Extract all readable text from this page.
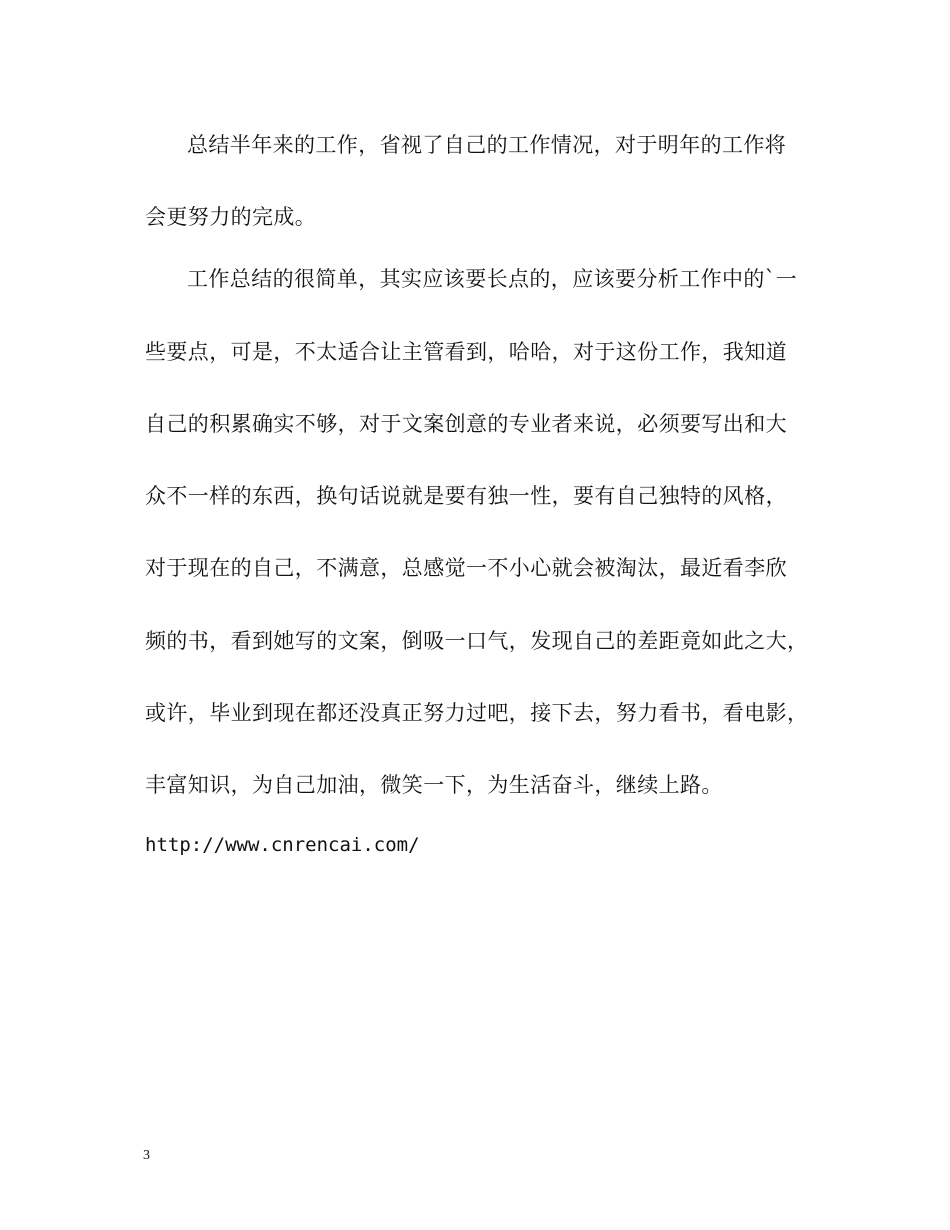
总结半年来的工作，省视了自己的工作情况，对于明年的工作将
会更努力的完成。
工作总结的很简单，其实应该要长点的，应该要分析工作中的`一
些要点，可是，不太适合让主管看到，哈哈，对于这份工作，我知道
自己的积累确实不够，对于文案创意的专业者来说，必须要写出和大
众不一样的东西，换句话说就是要有独一性，要有自己独特的风格，
对于现在的自己，不满意，总感觉一不小心就会被淘汰，最近看李欣
频的书，看到她写的文案，倒吸一口气，发现自己的差距竟如此之大，
或许，毕业到现在都还没真正努力过吧，接下去，努力看书，看电影，
丰富知识，为自己加油，微笑一下，为生活奋斗，继续上路。
http://www.cnrencai.com/
3
